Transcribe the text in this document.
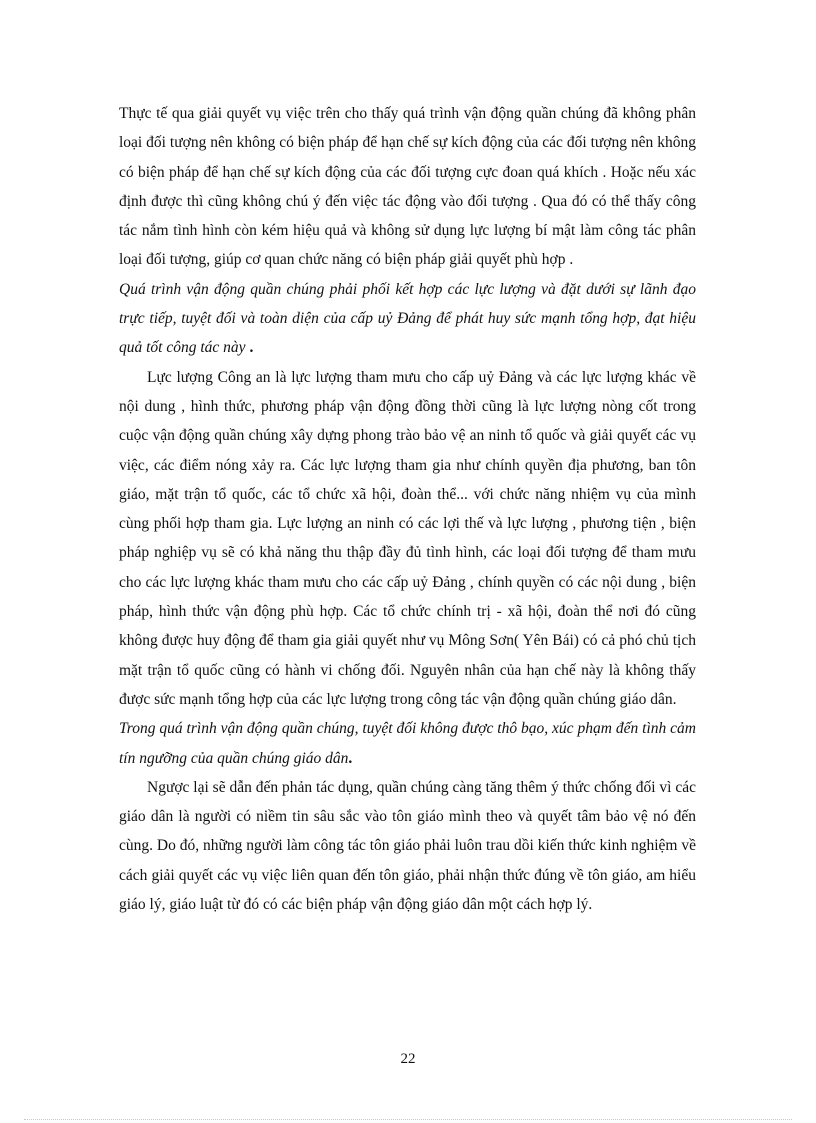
Thực tế qua giải quyết vụ việc trên cho thấy quá trình vận động quần chúng đã không phân loại đối tượng nên không có biện pháp để hạn chế sự kích động của các đối tượng nên không có biện pháp để hạn chế sự kích động của các đối tượng cực đoan quá khích . Hoặc nếu xác định được thì cũng không chú ý đến việc tác động vào đối tượng . Qua đó có thể thấy công tác nắm tình hình còn kém hiệu quả và không sử dụng lực lượng bí mật làm công tác phân loại đối tượng, giúp cơ quan chức năng có biện pháp giải quyết phù hợp .

Quá trình vận động quần chúng phải phối kết hợp các lực lượng và đặt dưới sự lãnh đạo trực tiếp, tuyệt đối và toàn diện của cấp uỷ Đảng để phát huy sức mạnh tổng hợp, đạt hiệu quả tốt công tác này .

Lực lượng Công an là lực lượng tham mưu cho cấp uỷ Đảng và các lực lượng khác về nội dung , hình thức, phương pháp vận động đồng thời cũng là lực lượng nòng cốt trong cuộc vận động quần chúng xây dựng phong trào bảo vệ an ninh tổ quốc và giải quyết các vụ việc, các điểm nóng xảy ra. Các lực lượng tham gia như chính quyền địa phương, ban tôn giáo, mặt trận tổ quốc, các tổ chức xã hội, đoàn thể... với chức năng nhiệm vụ của mình cùng phối hợp tham gia. Lực lượng an ninh có các lợi thế và lực lượng , phương tiện , biện pháp nghiệp vụ sẽ có khả năng thu thập đầy đủ tình hình, các loại đối tượng để tham mưu cho các lực lượng khác tham mưu cho các cấp uỷ Đảng , chính quyền có các nội dung , biện pháp, hình thức vận động phù hợp. Các tổ chức chính trị - xã hội, đoàn thể nơi đó cũng không được huy động để tham gia giải quyết như vụ Mông Sơn( Yên Bái) có cả phó chủ tịch mặt trận tổ quốc cũng có hành vi chống đối. Nguyên nhân của hạn chế này là không thấy được sức mạnh tổng hợp của các lực lượng trong công tác vận động quần chúng giáo dân.

Trong quá trình vận động quần chúng, tuyệt đối không được thô bạo, xúc phạm đến tình cảm tín ngưỡng của quần chúng giáo dân.

Ngược lại sẽ dẫn đến phản tác dụng, quần chúng càng tăng thêm ý thức chống đối vì các giáo dân là người có niềm tin sâu sắc vào tôn giáo mình theo và quyết tâm bảo vệ nó đến cùng. Do đó, những người làm công tác tôn giáo phải luôn trau dồi kiến thức kinh nghiệm về cách giải quyết các vụ việc liên quan đến tôn giáo, phải nhận thức đúng về tôn giáo, am hiểu giáo lý, giáo luật từ đó có các biện pháp vận động giáo dân một cách hợp lý.

22
